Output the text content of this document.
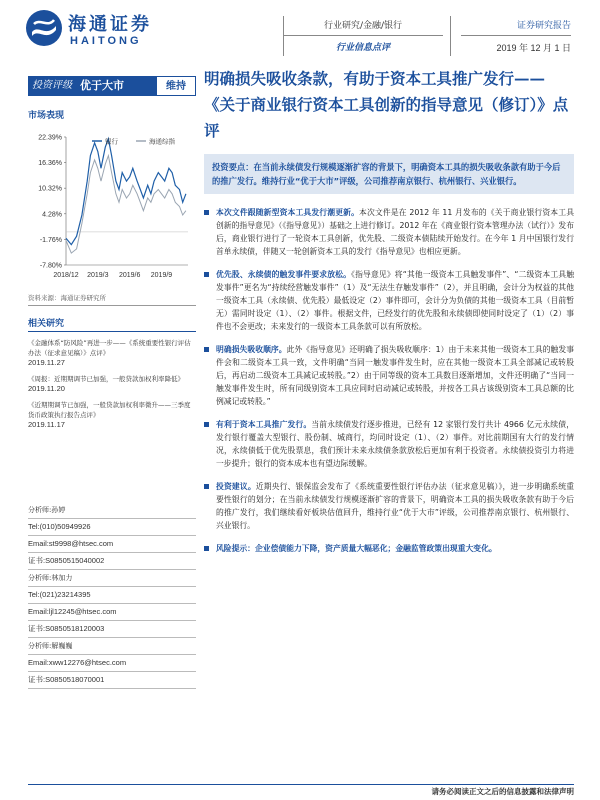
海通证券
HAITONG
行业研究/金融/银行
行业信息点评
证券研究报告
2019 年 12 月 1 日
投资评级 优于大市	维持
市场表现
22.39%
16.36%
10.32%
4.28%
-1.76%
-7.80%
2018/12 2019/3 2019/6 2019/9
银行	海通综指
资料来源：海通证券研究所
相关研究
《金融体系“防风险”再进一步——《系统重要性银行评估办法（征求意见稿）》点评》
2019.11.27
《周报：近期期调节已加强，一般贷款加权利率降低》
2019.11.20
《近期期调节已加强，一般贷款加权利率微升——三季度货币政策执行报告点评》
2019.11.17
分析师:孙婷
Tel:(010)50949926
Email:st9998@htsec.com
证书:S0850515040002
分析师:林加力
Tel:(021)23214395
Email:ljl12245@htsec.com
证书:S0850518120003
分析师:解巍巍
Email:xww12276@htsec.com
证书:S0850518070001
明确损失吸收条款，有助于资本工具推广发行——《关于商业银行资本工具创新的指导意见（修订）》点评
投资要点：在当前永续债发行规模逐渐扩容的背景下，明确资本工具的损失吸收条款有助于今后的推广发行。维持行业“优于大市”评级，公司推荐南京银行、杭州银行、兴业银行。
本次文件跟随新型资本工具发行潮更新。本次文件是在 2012 年 11 月发布的《关于商业银行资本工具创新的指导意见》（《指导意见》）基础之上进行修订。2012 年在《商业银行资本管理办法（试行）》发布后，商业银行进行了一轮资本工具创新，优先股、二级资本债陆续开始发行。在今年 1 月中国银行发行首单永续债，伴随又一轮创新资本工具的发行《指导意见》也相应更新。
优先股、永续债的触发事件要求放松。《指导意见》将“其他一级资本工具触发事件”、“二级资本工具触发事件”更名为“持续经营触发事件”（1）及“无法生存触发事件”（2），并且明确，会计分为权益的其他一级资本工具（永续债、优先股）最低设定（2）事件即可，会计分为负债的其他一级资本工具（目前暂无）需同时设定（1）、（2）事件。根据文件，已经发行的优先股和永续债即使同时设定了（1）（2）事件也不会更改；未来发行的一级资本工具条款可以有所放松。
明确损失吸收顺序。此外《指导意见》还明确了损失吸收顺序：1）由于未来其他一级资本工具的触发事件会和二级资本工具一致，文件明确“当同一触发事件发生时，应在其他一级资本工具全部减记或转股后，再启动二级资本工具减记或转股。”2）由于同等级的资本工具数目逐渐增加，文件还明确了“当同一触发事件发生时，所有同级别资本工具应同时启动减记或转股，并按各工具占该级别资本工具总额的比例减记或转股。”
有利于资本工具推广发行。当前永续债发行逐步推进，已经有 12 家银行发行共计 4966 亿元永续债，发行银行覆盖大型银行、股份制、城商行，均同时设定（1）、（2）事件。对比前期国有大行的发行情况，永续债低于优先股票息，我们预计未来永续债条款放松后更加有利于投资者。永续债投资引力将进一步提升；银行的资本成本也有望边际缓解。
投资建议。近期央行、银保监会发布了《系统重要性银行评估办法（征求意见稿）》，进一步明确系统重要性银行的划分；在当前永续债发行规模逐渐扩容的背景下，明确资本工具的损失吸收条款有助于今后的推广发行，我们继续看好板块估值回升，维持行业“优于大市”评级，公司推荐南京银行、杭州银行、兴业银行。
风险提示：企业偿债能力下降，资产质量大幅恶化；金融监管政策出现重大变化。
请务必阅读正文之后的信息披露和法律声明
